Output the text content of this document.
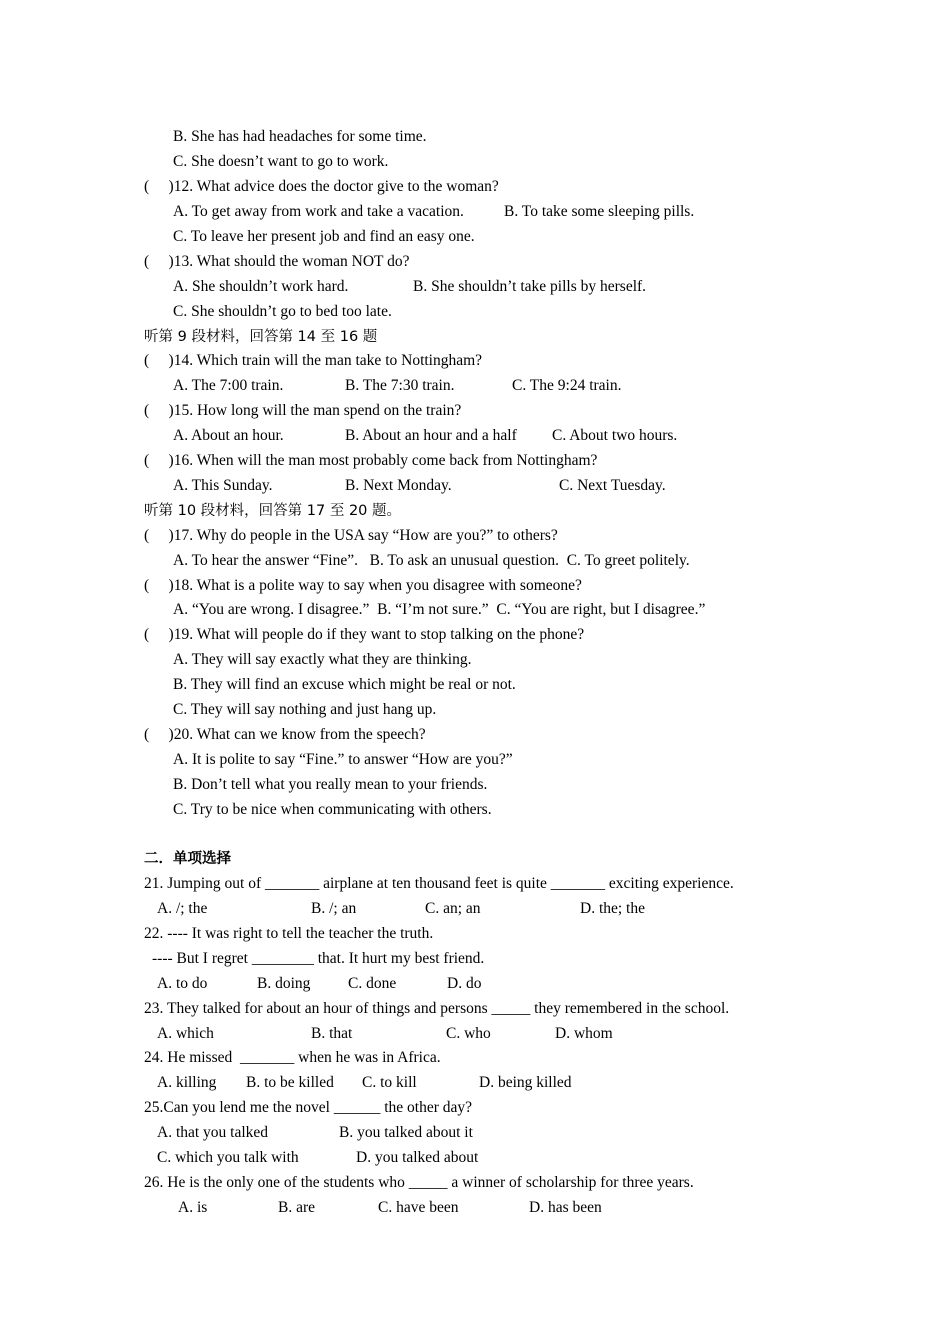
B. She has had headaches for some time.
C. She doesn’t want to go to work.
(     )12. What advice does the doctor give to the woman?
A. To get away from work and take a vacation.	B. To take some sleeping pills.
C. To leave her present job and find an easy one.
(     )13. What should the woman NOT do?
A. She shouldn’t work hard.	B. She shouldn’t take pills by herself.
C. She shouldn’t go to bed too late.
听第 9 段材料，回答第 14 至 16 题
(     )14. Which train will the man take to Nottingham?
A. The 7:00 train.	B. The 7:30 train.	C. The 9:24 train.
(     )15. How long will the man spend on the train?
A. About an hour.	B. About an hour and a half C. About two hours.
(     )16. When will the man most probably come back from Nottingham?
A. This Sunday.	B. Next Monday.	C. Next Tuesday.
听第 10 段材料，回答第 17 至 20 题。
(     )17. Why do people in the USA say “How are you?” to others?
A. To hear the answer “Fine”.   B. To ask an unusual question.  C. To greet politely.
(     )18. What is a polite way to say when you disagree with someone?
A. “You are wrong. I disagree.”  B. “I’m not sure.”  C. “You are right, but I disagree.”
(     )19. What will people do if they want to stop talking on the phone?
A. They will say exactly what they are thinking.
B. They will find an excuse which might be real or not.
C. They will say nothing and just hang up.
(     )20. What can we know from the speech?
A. It is polite to say “Fine.” to answer “How are you?”
B. Don’t tell what you really mean to your friends.
C. Try to be nice when communicating with others.
二．单项选择
21. Jumping out of _______ airplane at ten thousand feet is quite _______ exciting experience.
A. /; the	B. /; an	C. an; an	D. the; the
22. ---- It was right to tell the teacher the truth.
---- But I regret ________ that. It hurt my best friend.
A. to do	B. doing C. done	D. do
23. They talked for about an hour of things and persons _____ they remembered in the school.
A. which	B. that	C. who	D. whom
24. He missed  _______ when he was in Africa.
A. killing B. to be killed C. to kill	D. being killed
25.Can you lend me the novel ______ the other day?
A. that you talked	B. you talked about it
C. which you talk with	D. you talked about
26. He is the only one of the students who _____ a winner of scholarship for three years.
A. is	B. are	C. have been	D. has been
